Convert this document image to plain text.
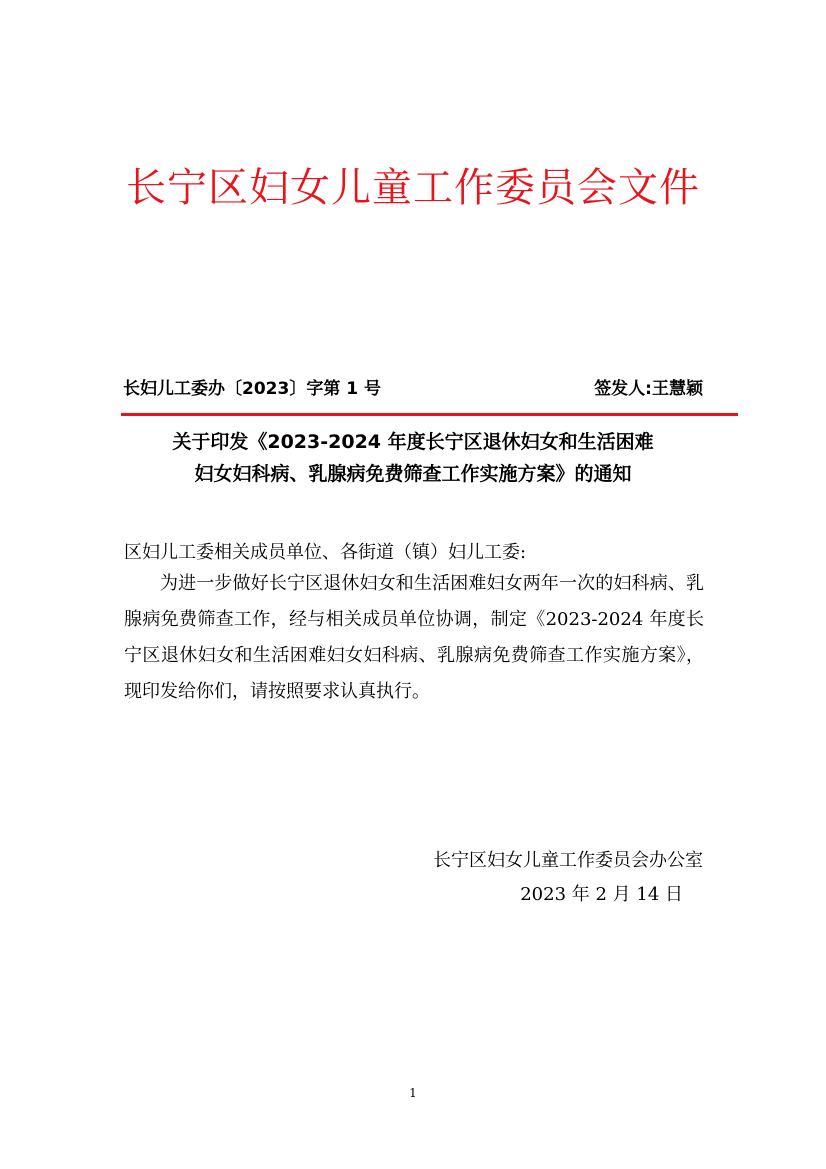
长宁区妇女儿童工作委员会文件
长妇儿工委办〔2023〕字第 1 号	签发人:王慧颖
关于印发《2023-2024 年度长宁区退休妇女和生活困难
妇女妇科病、乳腺病免费筛查工作实施方案》的通知
区妇儿工委相关成员单位、各街道（镇）妇儿工委:
为进一步做好长宁区退休妇女和生活困难妇女两年一次的妇科病、乳腺病免费筛查工作，经与相关成员单位协调，制定《2023-2024 年度长宁区退休妇女和生活困难妇女妇科病、乳腺病免费筛查工作实施方案》，现印发给你们，请按照要求认真执行。
长宁区妇女儿童工作委员会办公室
2023 年 2 月 14 日
1
